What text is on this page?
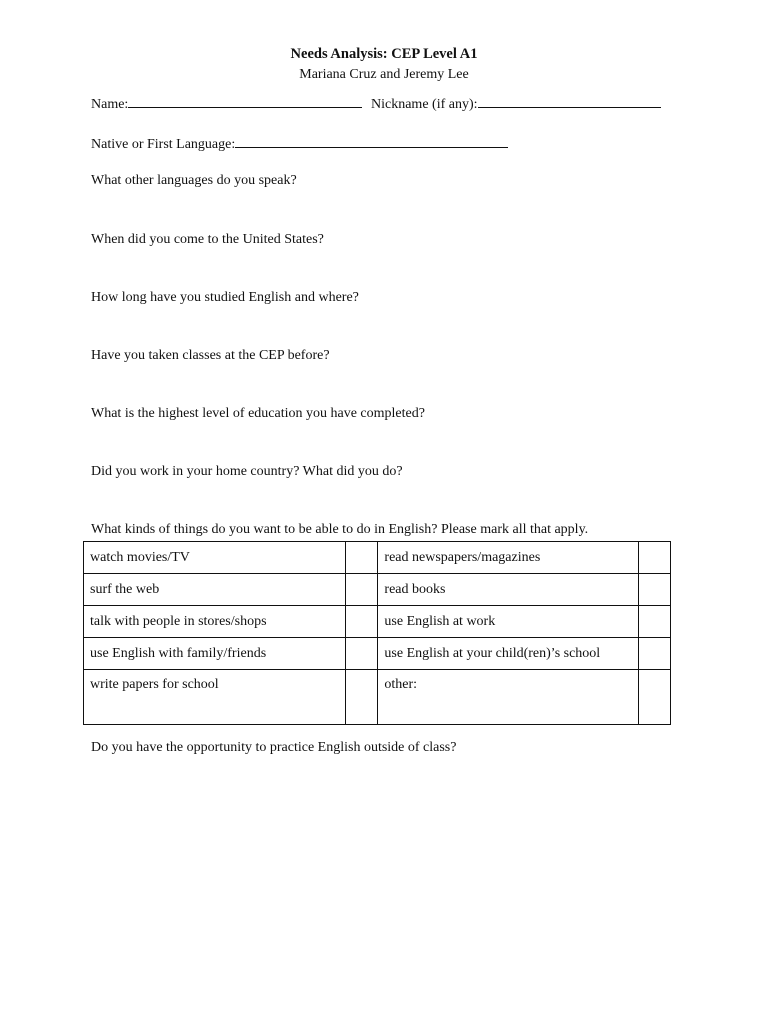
Needs Analysis: CEP Level A1
Mariana Cruz and Jeremy Lee
Name:	Nickname (if any):
Native or First Language:
What other languages do you speak?
When did you come to the United States?
How long have you studied English and where?
Have you taken classes at the CEP before?
What is the highest level of education you have completed?
Did you work in your home country? What did you do?
What kinds of things do you want to be able to do in English? Please mark all that apply.
watch movies/TV		read newspapers/magazines	
surf the web		read books	
talk with people in stores/shops		use English at work	
use English with family/friends		use English at your child(ren)’s school	
write papers for school		other:	
Do you have the opportunity to practice English outside of class?
